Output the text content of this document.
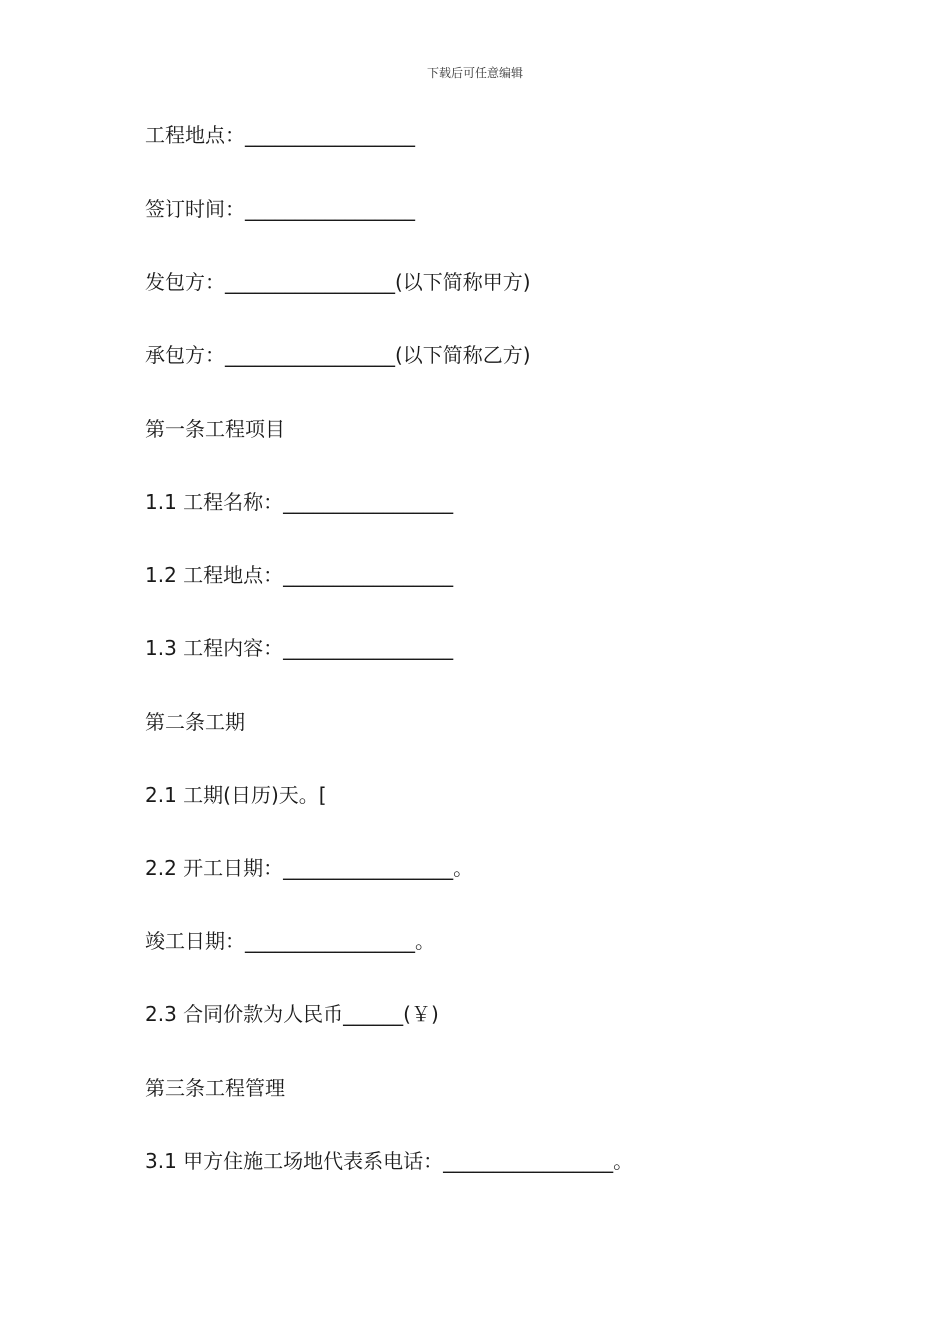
下载后可任意编辑
工程地点：_________________
签订时间：_________________
发包方：_________________(以下简称甲方)
承包方：_________________(以下简称乙方)
第一条工程项目
1.1 工程名称：_________________
1.2 工程地点：_________________
1.3 工程内容：_________________
第二条工期
2.1 工期(日历)天。[
2.2 开工日期：_________________。
竣工日期：_________________。
2.3 合同价款为人民币______(￥)
第三条工程管理
3.1 甲方住施工场地代表系电话：_________________。
